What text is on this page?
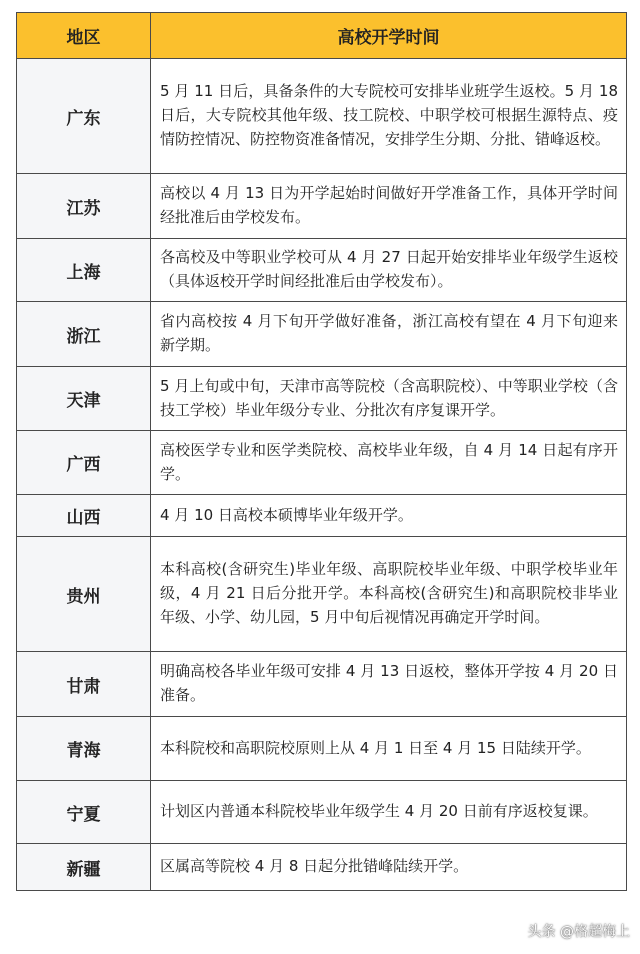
地区	高校开学时间
广东	5 月 11 日后，具备条件的大专院校可安排毕业班学生返校。5 月 18 日后，大专院校其他年级、技工院校、中职学校可根据生源特点、疫情防控情况、防控物资准备情况，安排学生分期、分批、错峰返校。
江苏	高校以 4 月 13 日为开学起始时间做好开学准备工作，具体开学时间经批准后由学校发布。
上海	各高校及中等职业学校可从 4 月 27 日起开始安排毕业年级学生返校（具体返校开学时间经批准后由学校发布）。
浙江	省内高校按 4 月下旬开学做好准备，浙江高校有望在 4 月下旬迎来新学期。
天津	5 月上旬或中旬，天津市高等院校（含高职院校）、中等职业学校（含技工学校）毕业年级分专业、分批次有序复课开学。
广西	高校医学专业和医学类院校、高校毕业年级，自 4 月 14 日起有序开学。
山西	4 月 10 日高校本硕博毕业年级开学。
贵州	本科高校(含研究生)毕业年级、高职院校毕业年级、中职学校毕业年级，4 月 21 日后分批开学。本科高校(含研究生)和高职院校非毕业年级、小学、幼儿园，5 月中旬后视情况再确定开学时间。
甘肃	明确高校各毕业年级可安排 4 月 13 日返校，整体开学按 4 月 20 日准备。
青海	本科院校和高职院校原则上从 4 月 1 日至 4 月 15 日陆续开学。
宁夏	计划区内普通本科院校毕业年级学生 4 月 20 日前有序返校复课。
新疆	区属高等院校 4 月 8 日起分批错峰陆续开学。
头条 @格超梅上
